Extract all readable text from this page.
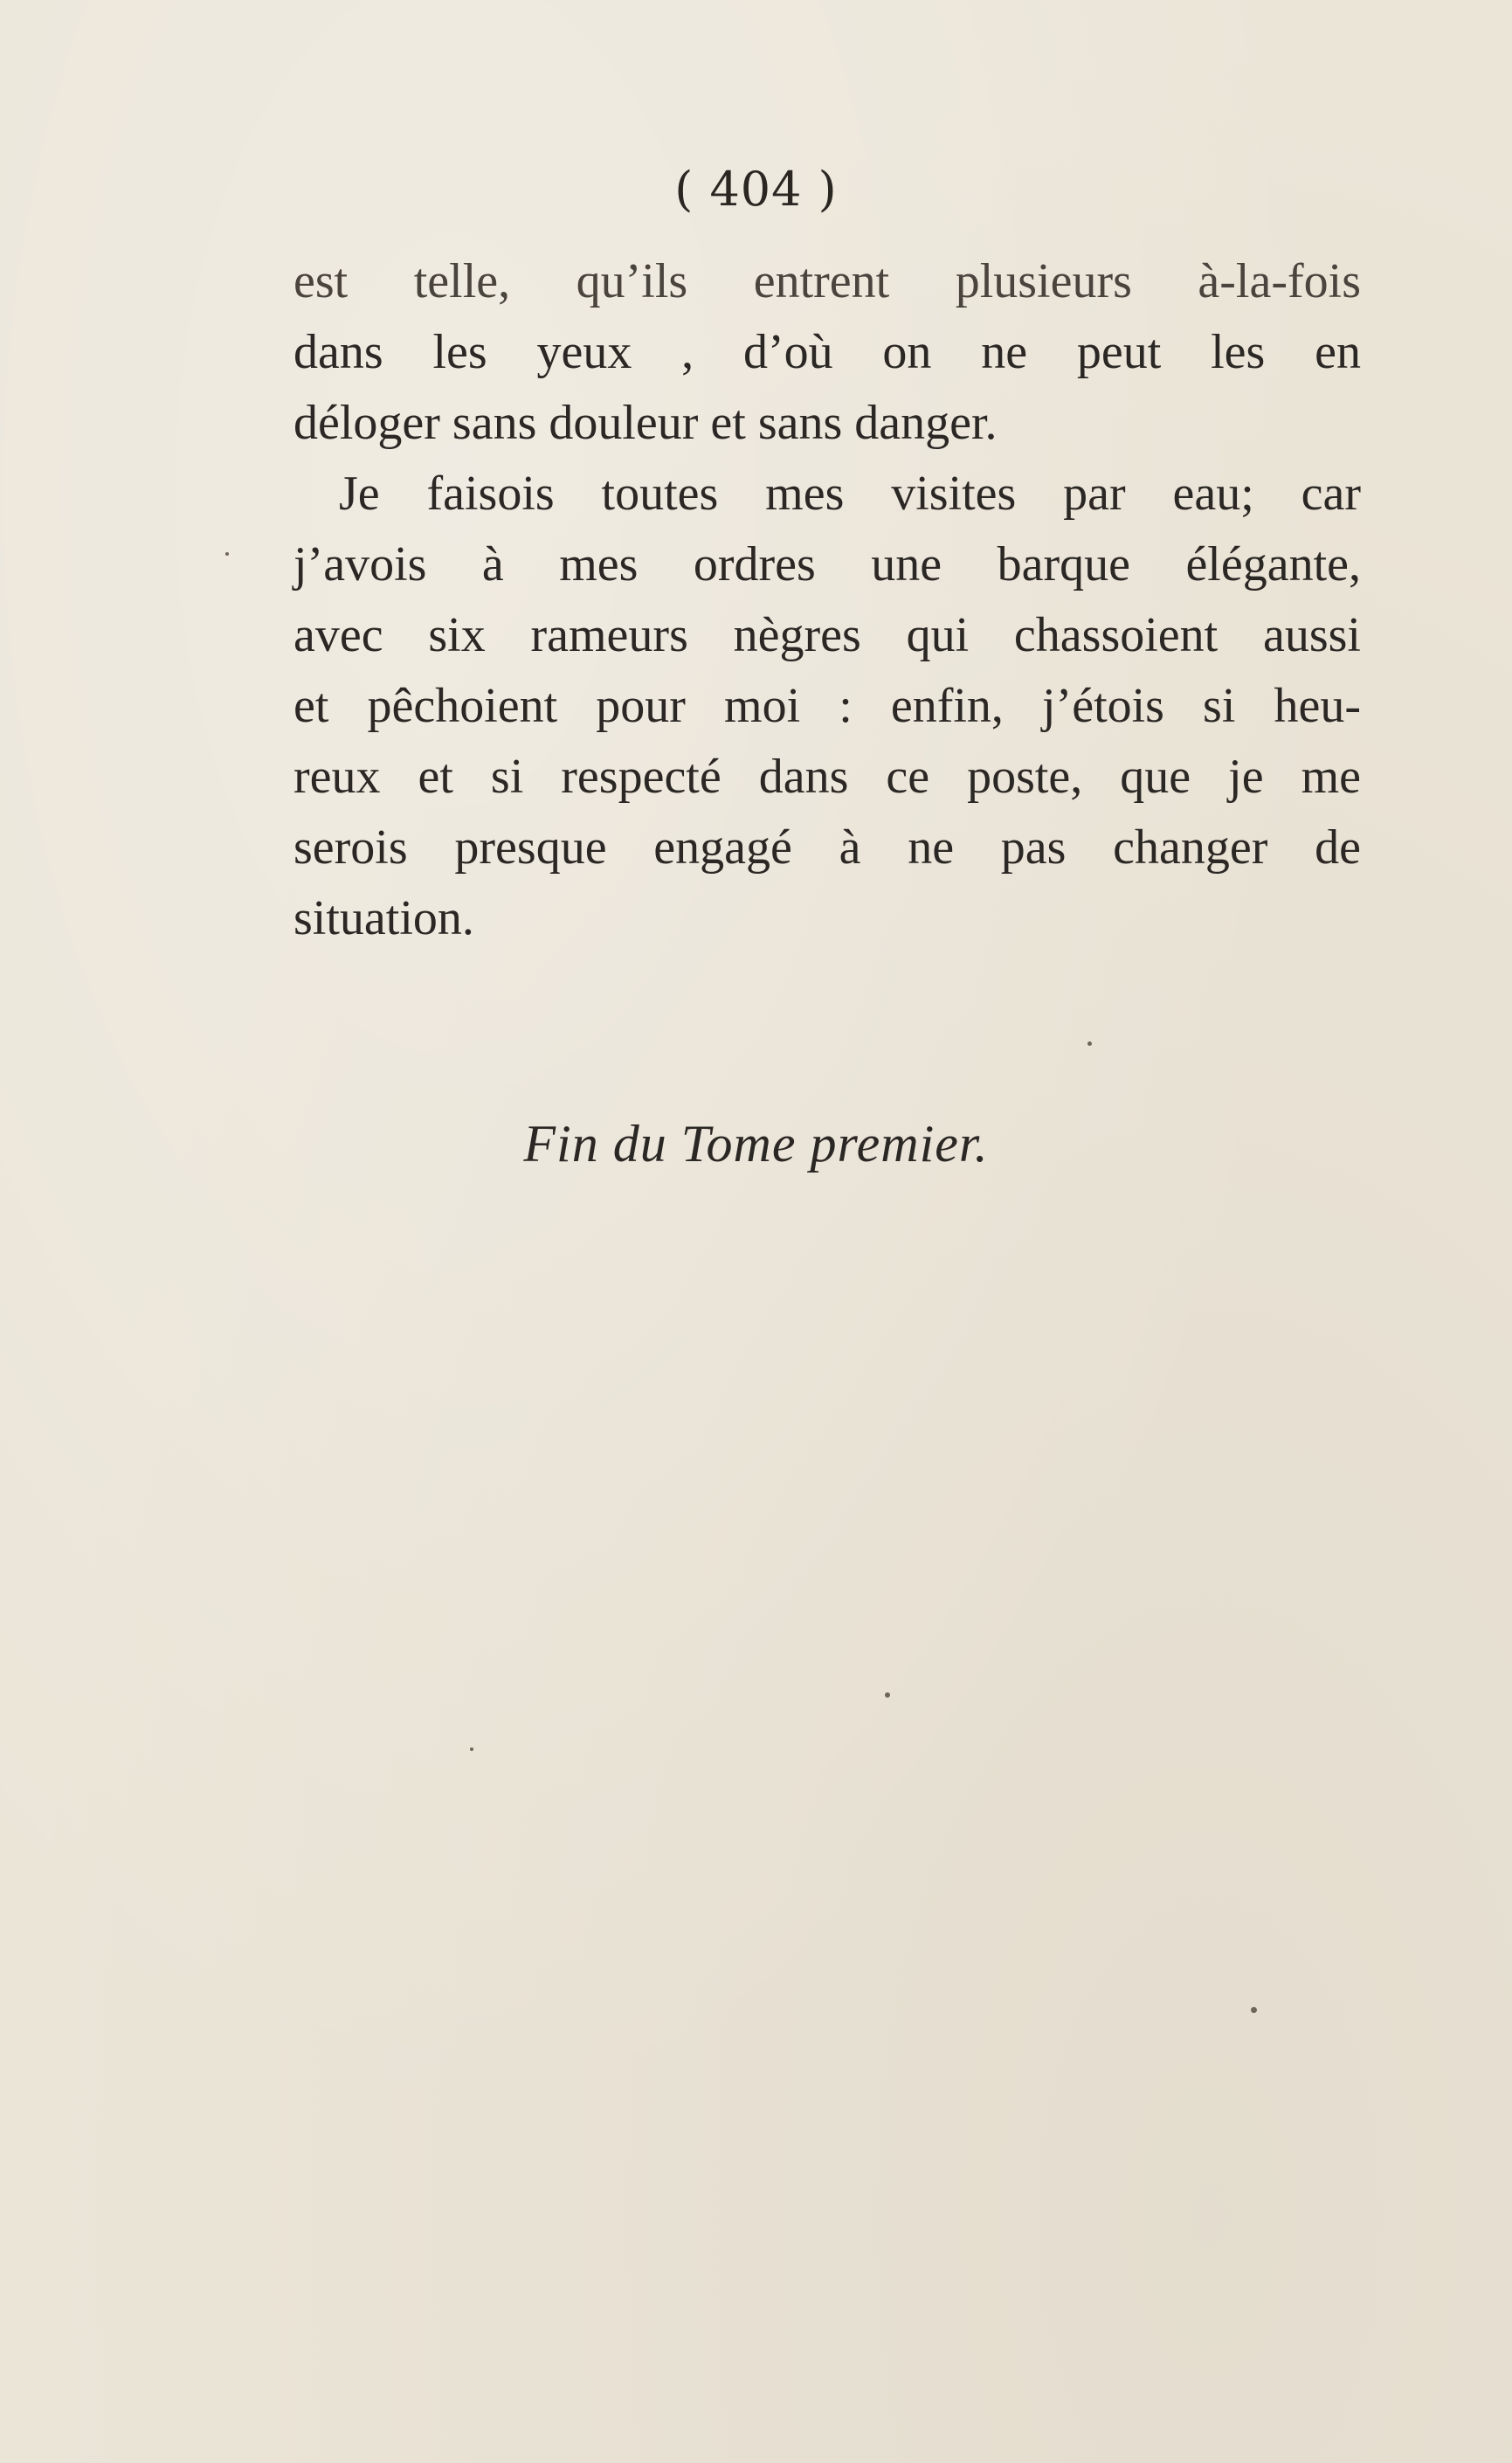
( 404 )
est telle, qu’ils entrent plusieurs à-la-fois
dans les yeux , d’où on ne peut les en
déloger sans douleur et sans danger.
Je faisois toutes mes visites par eau; car
j’avois à mes ordres une barque élégante,
avec six rameurs nègres qui chassoient aussi
et pêchoient pour moi : enfin, j’étois si heu-
reux et si respecté dans ce poste, que je me
serois presque engagé à ne pas changer de
situation.
Fin du Tome premier.
